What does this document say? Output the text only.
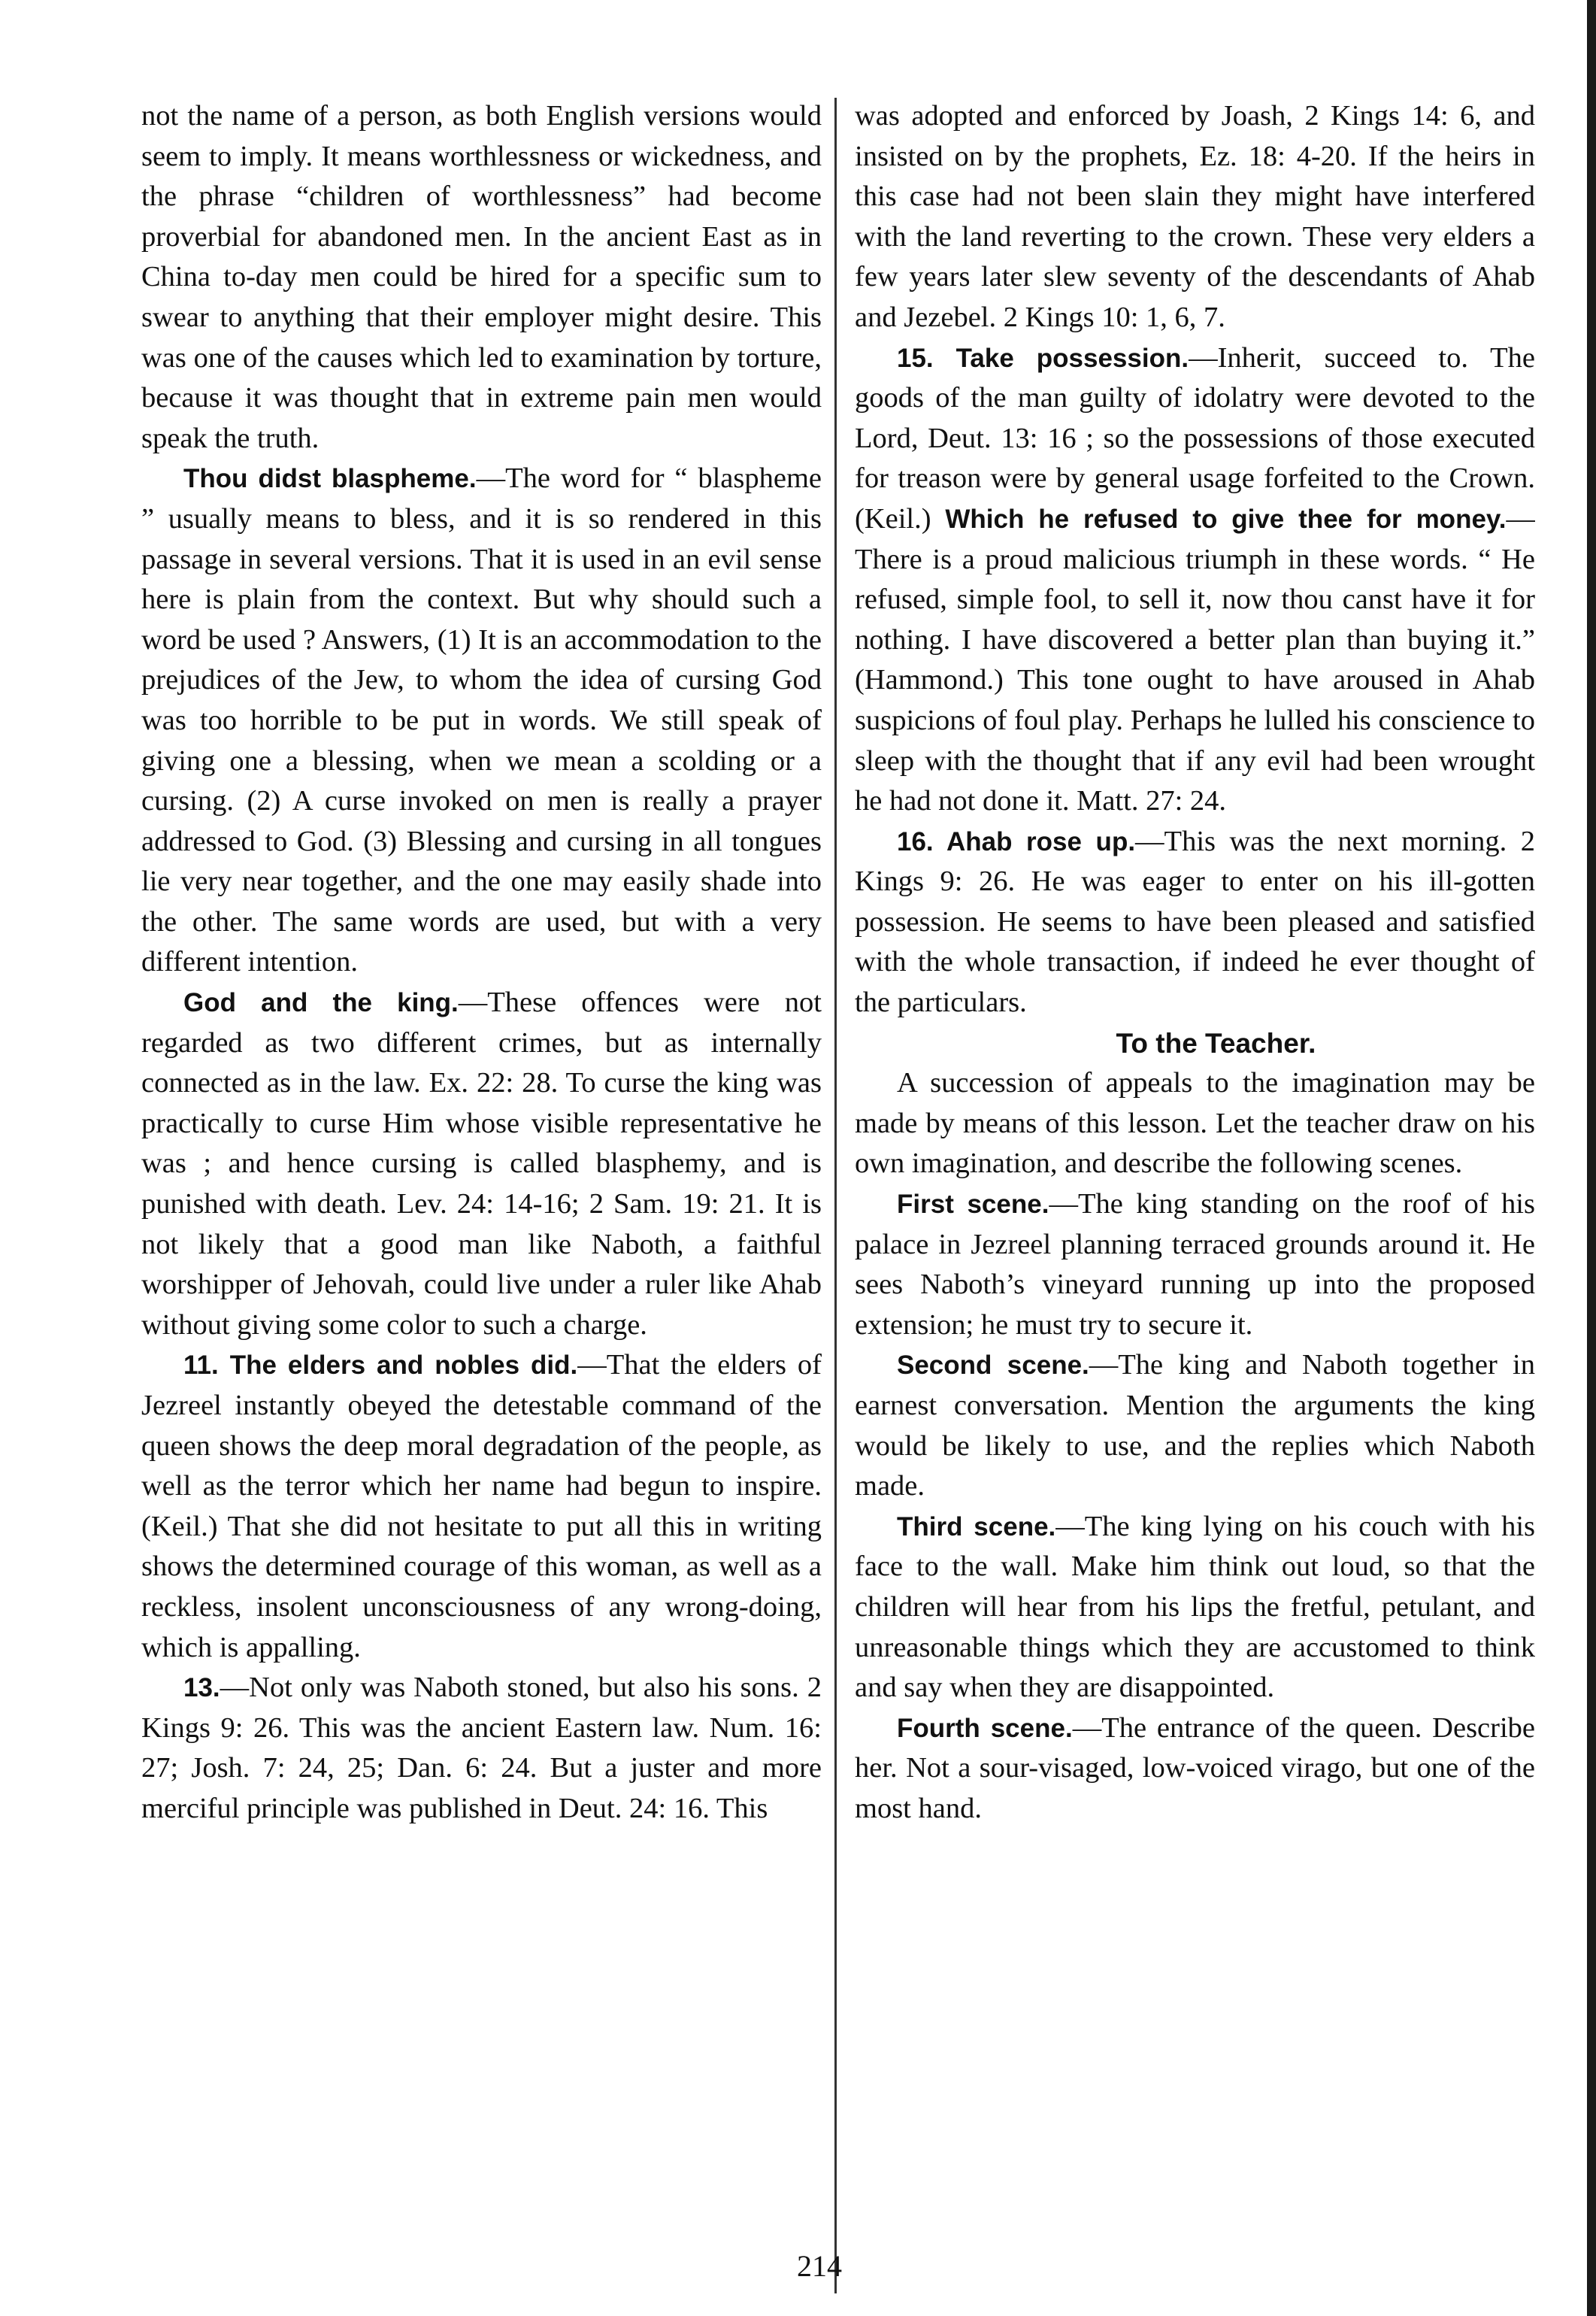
not the name of a person, as both English versions would seem to imply. It means worthlessness or wickedness, and the phrase “children of worthlessness” had become proverbial for abandoned men. In the ancient East as in China to-day men could be hired for a specific sum to swear to anything that their employer might desire. This was one of the causes which led to examination by torture, because it was thought that in extreme pain men would speak the truth.

Thou didst blaspheme.—The word for “ blaspheme ” usually means to bless, and it is so rendered in this passage in several versions. That it is used in an evil sense here is plain from the context. But why should such a word be used ? Answers, (1) It is an accommodation to the prejudices of the Jew, to whom the idea of cursing God was too horrible to be put in words. We still speak of giving one a blessing, when we mean a scolding or a cursing. (2) A curse invoked on men is really a prayer addressed to God. (3) Blessing and cursing in all tongues lie very near together, and the one may easily shade into the other. The same words are used, but with a very different intention.

God and the king.—These offences were not regarded as two different crimes, but as internally connected as in the law. Ex. 22: 28. To curse the king was practically to curse Him whose visible representative he was ; and hence cursing is called blasphemy, and is punished with death. Lev. 24: 14-16; 2 Sam. 19: 21. It is not likely that a good man like Naboth, a faithful worshipper of Jehovah, could live under a ruler like Ahab without giving some color to such a charge.

11. The elders and nobles did.—That the elders of Jezreel instantly obeyed the detestable command of the queen shows the deep moral degradation of the people, as well as the terror which her name had begun to inspire. (Keil.) That she did not hesitate to put all this in writing shows the determined courage of this woman, as well as a reckless, insolent unconsciousness of any wrong-doing, which is appalling.

13.—Not only was Naboth stoned, but also his sons. 2 Kings 9: 26. This was the ancient Eastern law. Num. 16: 27; Josh. 7: 24, 25; Dan. 6: 24. But a juster and more merciful principle was published in Deut. 24: 16. This

was adopted and enforced by Joash, 2 Kings 14: 6, and insisted on by the prophets, Ez. 18: 4-20. If the heirs in this case had not been slain they might have interfered with the land reverting to the crown. These very elders a few years later slew seventy of the descendants of Ahab and Jezebel. 2 Kings 10: 1, 6, 7.

15. Take possession.—Inherit, succeed to. The goods of the man guilty of idolatry were devoted to the Lord, Deut. 13: 16 ; so the possessions of those executed for treason were by general usage forfeited to the Crown. (Keil.) Which he refused to give thee for money.—There is a proud malicious triumph in these words. “ He refused, simple fool, to sell it, now thou canst have it for nothing. I have discovered a better plan than buying it.” (Hammond.) This tone ought to have aroused in Ahab suspicions of foul play. Perhaps he lulled his conscience to sleep with the thought that if any evil had been wrought he had not done it. Matt. 27: 24.

16. Ahab rose up.—This was the next morning. 2 Kings 9: 26. He was eager to enter on his ill-gotten possession. He seems to have been pleased and satisfied with the whole transaction, if indeed he ever thought of the particulars.

To the Teacher.

A succession of appeals to the imagination may be made by means of this lesson. Let the teacher draw on his own imagination, and describe the following scenes.

First scene.—The king standing on the roof of his palace in Jezreel planning terraced grounds around it. He sees Naboth’s vineyard running up into the proposed extension; he must try to secure it.

Second scene.—The king and Naboth together in earnest conversation. Mention the arguments the king would be likely to use, and the replies which Naboth made.

Third scene.—The king lying on his couch with his face to the wall. Make him think out loud, so that the children will hear from his lips the fretful, petulant, and unreasonable things which they are accustomed to think and say when they are disappointed.

Fourth scene.—The entrance of the queen. Describe her. Not a sour-visaged, low-voiced virago, but one of the most hand.

214
